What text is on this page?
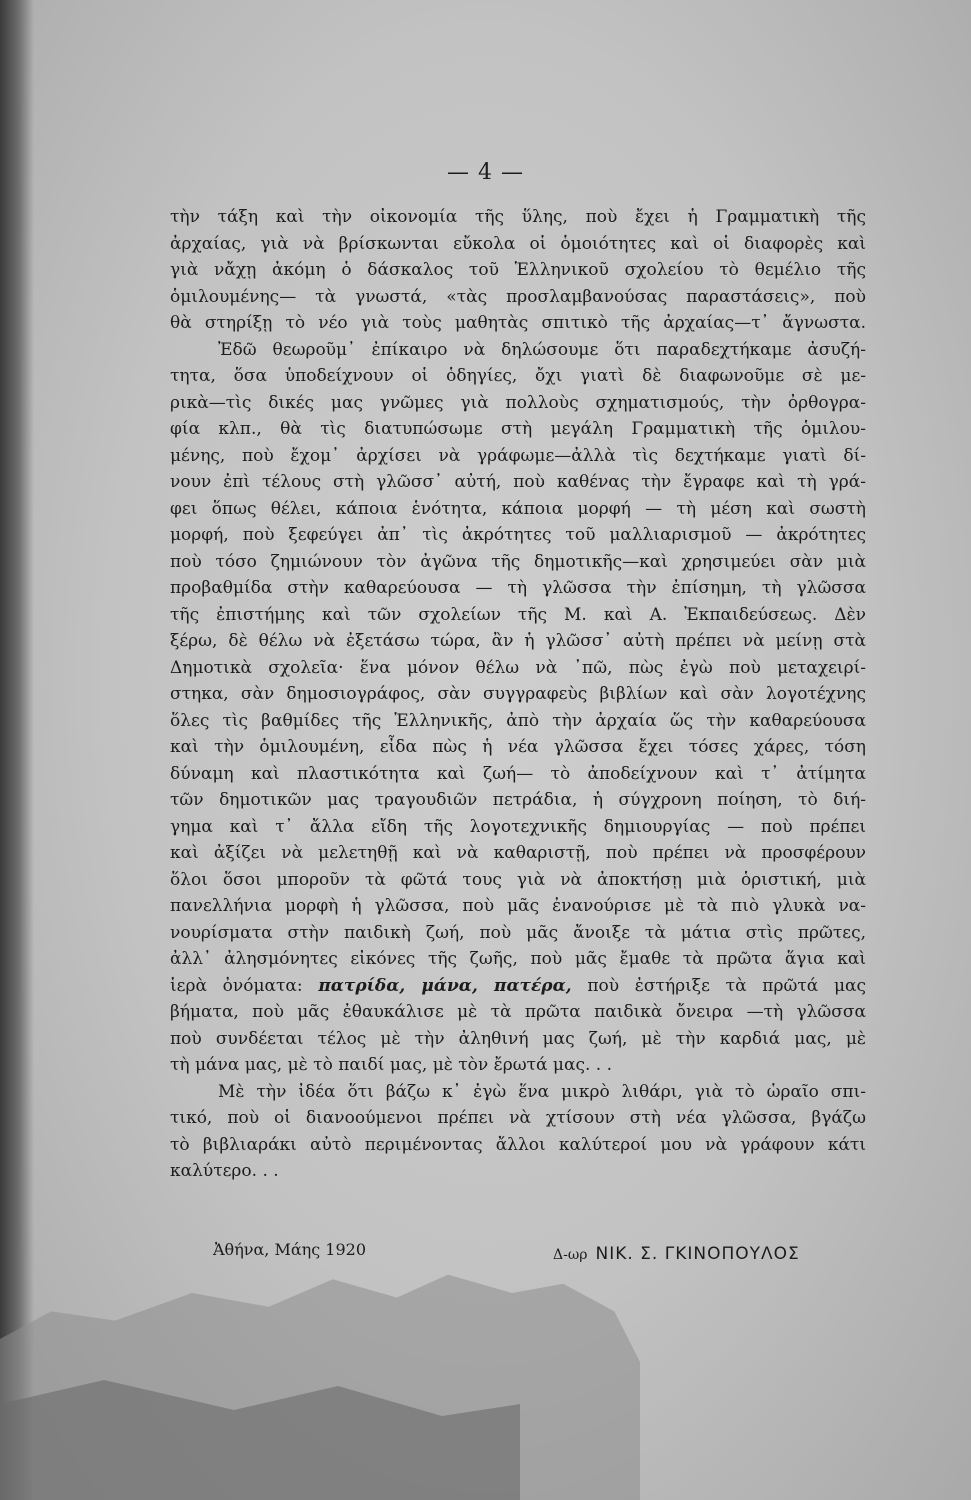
— 4 —
τὴν τάξη καὶ τὴν οἰκονομία τῆς ὕλης, ποὺ ἔχει ἡ Γραμματικὴ τῆς
ἀρχαίας, γιὰ νὰ βρίσκωνται εὔκολα οἱ ὁμοιότητες καὶ οἱ διαφορὲς καὶ
γιὰ νἄχῃ ἀκόμη ὁ δάσκαλος τοῦ Ἑλληνικοῦ σχολείου τὸ θεμέλιο τῆς
ὁμιλουμένης— τὰ γνωστά, «τὰς προσλαμβανούσας παραστάσεις», ποὺ
θὰ στηρίξῃ τὸ νέο γιὰ τοὺς μαθητὰς σπιτικὸ τῆς ἀρχαίας—τ᾽ ἄγνωστα.
Ἐδῶ θεωροῦμ᾽ ἐπίκαιρο νὰ δηλώσουμε ὅτι παραδεχτήκαμε ἀσυζή-
τητα, ὅσα ὑποδείχνουν οἱ ὁδηγίες, ὄχι γιατὶ δὲ διαφωνοῦμε σὲ με-
ρικὰ—τὶς δικές μας γνῶμες γιὰ πολλοὺς σχηματισμούς, τὴν ὀρθογρα-
φία κλπ., θὰ τὶς διατυπώσωμε στὴ μεγάλη Γραμματικὴ τῆς ὁμιλου-
μένης, ποὺ ἔχομ᾽ ἀρχίσει νὰ γράφωμε—ἀλλὰ τὶς δεχτήκαμε γιατὶ δί-
νουν ἐπὶ τέλους στὴ γλῶσσ᾽ αὐτή, ποὺ καθένας τὴν ἔγραφε καὶ τὴ γρά-
φει ὅπως θέλει, κάποια ἑνότητα, κάποια μορφή — τὴ μέση καὶ σωστὴ
μορφή, ποὺ ξεφεύγει ἀπ᾽ τὶς ἀκρότητες τοῦ μαλλιαρισμοῦ — ἀκρότητες
ποὺ τόσο ζημιώνουν τὸν ἀγῶνα τῆς δημοτικῆς—καὶ χρησιμεύει σὰν μιὰ
προβαθμίδα στὴν καθαρεύουσα — τὴ γλῶσσα τὴν ἐπίσημη, τὴ γλῶσσα
τῆς ἐπιστήμης καὶ τῶν σχολείων τῆς Μ. καὶ Α. Ἐκπαιδεύσεως. Δὲν
ξέρω, δὲ θέλω νὰ ἐξετάσω τώρα, ἂν ἡ γλῶσσ᾽ αὐτὴ πρέπει νὰ μείνῃ στὰ
Δημοτικὰ σχολεῖα· ἕνα μόνον θέλω νὰ ᾽πῶ, πὼς ἐγὼ ποὺ μεταχειρί-
στηκα, σὰν δημοσιογράφος, σὰν συγγραφεὺς βιβλίων καὶ σὰν λογοτέχνης
ὅλες τὶς βαθμίδες τῆς Ἑλληνικῆς, ἀπὸ τὴν ἀρχαία ὥς τὴν καθαρεύουσα
καὶ τὴν ὁμιλουμένη, εἶδα πὼς ἡ νέα γλῶσσα ἔχει τόσες χάρες, τόση
δύναμη καὶ πλαστικότητα καὶ ζωή— τὸ ἀποδείχνουν καὶ τ᾽ ἀτίμητα
τῶν δημοτικῶν μας τραγουδιῶν πετράδια, ἡ σύγχρονη ποίηση, τὸ διή-
γημα καὶ τ᾽ ἄλλα εἴδη τῆς λογοτεχνικῆς δημιουργίας — ποὺ πρέπει
καὶ ἀξίζει νὰ μελετηθῇ καὶ νὰ καθαριστῇ, ποὺ πρέπει νὰ προσφέρουν
ὅλοι ὅσοι μποροῦν τὰ φῶτά τους γιὰ νὰ ἀποκτήσῃ μιὰ ὁριστική, μιὰ
πανελλήνια μορφὴ ἡ γλῶσσα, ποὺ μᾶς ἐνανούρισε μὲ τὰ πιὸ γλυκὰ να-
νουρίσματα στὴν παιδικὴ ζωή, ποὺ μᾶς ἄνοιξε τὰ μάτια στὶς πρῶτες,
ἀλλ᾽ ἀλησμόνητες εἰκόνες τῆς ζωῆς, ποὺ μᾶς ἔμαθε τὰ πρῶτα ἅγια καὶ
ἱερὰ ὀνόματα: πατρίδα, μάνα, πατέρα, ποὺ ἐστήριξε τὰ πρῶτά μας
βήματα, ποὺ μᾶς ἐθαυκάλισε μὲ τὰ πρῶτα παιδικὰ ὄνειρα —τὴ γλῶσσα
ποὺ συνδέεται τέλος μὲ τὴν ἀληθινή μας ζωή, μὲ τὴν καρδιά μας, μὲ
τὴ μάνα μας, μὲ τὸ παιδί μας, μὲ τὸν ἔρωτά μας. . .
Μὲ τὴν ἰδέα ὅτι βάζω κ᾽ ἐγὼ ἕνα μικρὸ λιθάρι, γιὰ τὸ ὡραῖο σπι-
τικό, ποὺ οἱ διανοούμενοι πρέπει νὰ χτίσουν στὴ νέα γλῶσσα, βγάζω
τὸ βιβλιαράκι αὐτὸ περιμένοντας ἄλλοι καλύτεροί μου νὰ γράφουν κάτι
καλύτερο. . .
Ἀθήνα, Μάης 1920	Δ-ωρ ΝΙΚ. Σ. ΓΚΙΝΟΠΟΥΛΟΣ
